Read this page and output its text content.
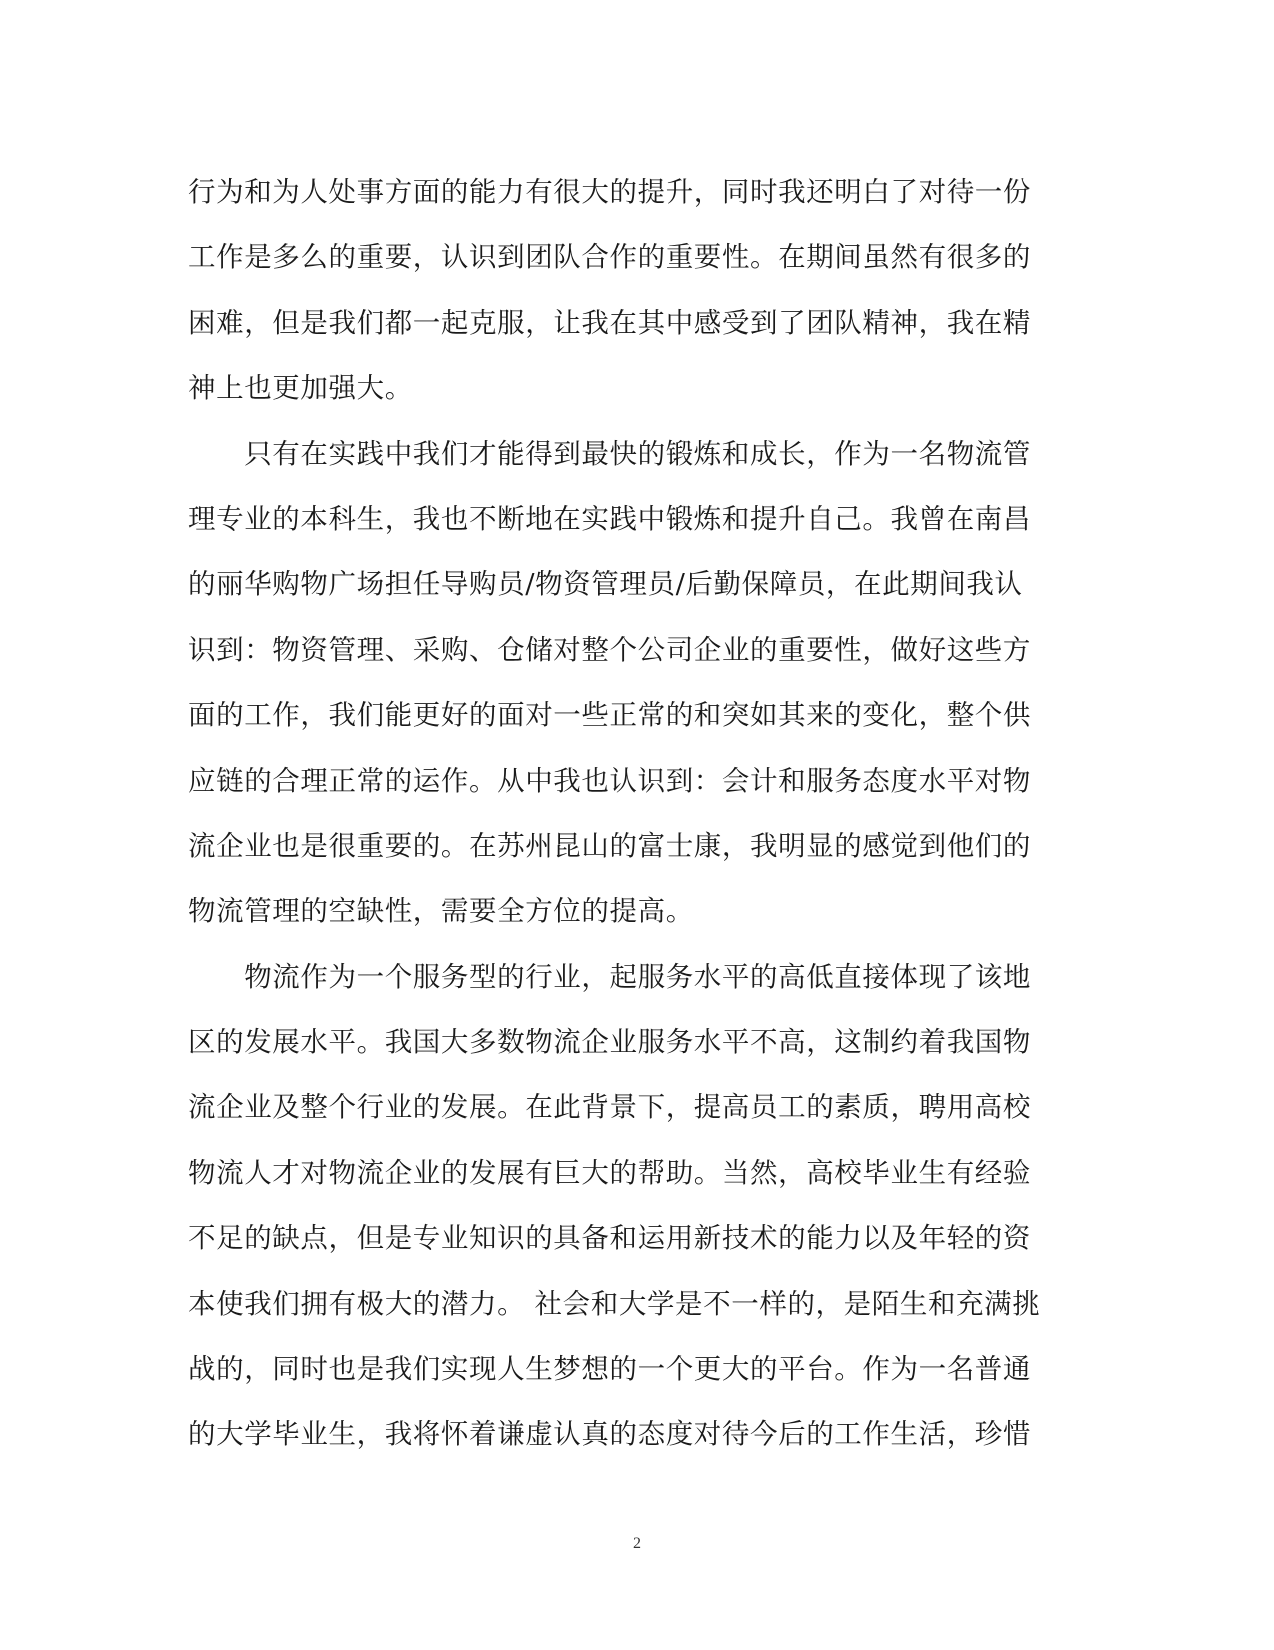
行为和为人处事方面的能力有很大的提升，同时我还明白了对待一份
工作是多么的重要，认识到团队合作的重要性。在期间虽然有很多的
困难，但是我们都一起克服，让我在其中感受到了团队精神，我在精
神上也更加强大。
　　只有在实践中我们才能得到最快的锻炼和成长，作为一名物流管
理专业的本科生，我也不断地在实践中锻炼和提升自己。我曾在南昌
的丽华购物广场担任导购员/物资管理员/后勤保障员，在此期间我认
识到：物资管理、采购、仓储对整个公司企业的重要性，做好这些方
面的工作，我们能更好的面对一些正常的和突如其来的变化，整个供
应链的合理正常的运作。从中我也认识到：会计和服务态度水平对物
流企业也是很重要的。在苏州昆山的富士康，我明显的感觉到他们的
物流管理的空缺性，需要全方位的提高。
　　物流作为一个服务型的行业，起服务水平的高低直接体现了该地
区的发展水平。我国大多数物流企业服务水平不高，这制约着我国物
流企业及整个行业的发展。在此背景下，提高员工的素质，聘用高校
物流人才对物流企业的发展有巨大的帮助。当然，高校毕业生有经验
不足的缺点，但是专业知识的具备和运用新技术的能力以及年轻的资
本使我们拥有极大的潜力。 社会和大学是不一样的，是陌生和充满挑
战的，同时也是我们实现人生梦想的一个更大的平台。作为一名普通
的大学毕业生，我将怀着谦虚认真的态度对待今后的工作生活，珍惜
2
